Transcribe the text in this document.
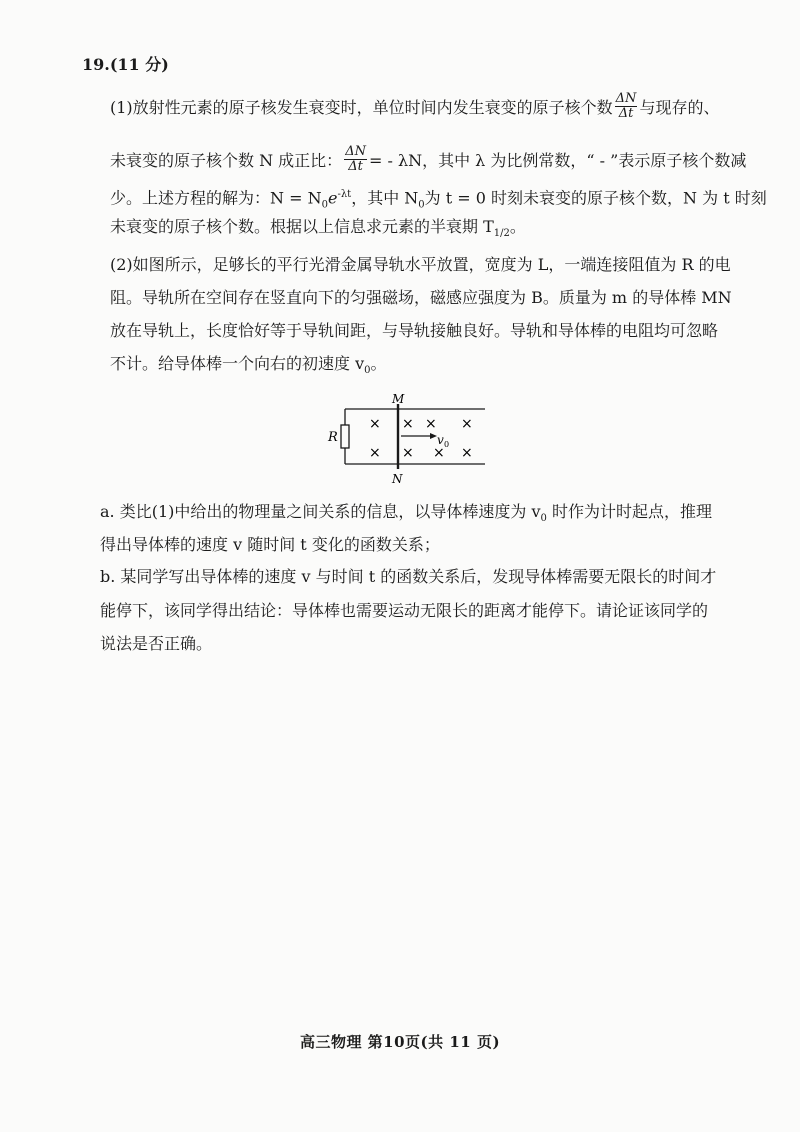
19.(11 分)
(1)放射性元素的原子核发生衰变时，单位时间内发生衰变的原子核个数 $\frac{\Delta N}{\Delta t}$ 与现存的、
未衰变的原子核个数 N 成正比： $\frac{\Delta N}{\Delta t}$ = - λN，其中 λ 为比例常数，“ - ”表示原子核个数减
少。上述方程的解为：$N = N_0e^{-\lambda t}$，其中 $N_0$为 t = 0 时刻未衰变的原子核个数，N 为 t 时刻
未衰变的原子核个数。根据以上信息求元素的半衰期 $T_{1/2}$。
(2)如图所示，足够长的平行光滑金属导轨水平放置，宽度为 L，一端连接阻值为 R 的电
阻。导轨所在空间存在竖直向下的匀强磁场，磁感应强度为 B。质量为 m 的导体棒 MN
放在导轨上，长度恰好等于导轨间距，与导轨接触良好。导轨和导体棒的电阻均可忽略
不计。给导体棒一个向右的初速度 $v_0$。
R
M
N
×
×
×
×
×
×
×
×
v 0
a. 类比(1)中给出的物理量之间关系的信息，以导体棒速度为 $v_0$ 时作为计时起点，推理
得出导体棒的速度 v 随时间 t 变化的函数关系；
b. 某同学写出导体棒的速度 v 与时间 t 的函数关系后，发现导体棒需要无限长的时间才
能停下，该同学得出结论：导体棒也需要运动无限长的距离才能停下。请论证该同学的
说法是否正确。
高三物理 第10页(共 11 页)
